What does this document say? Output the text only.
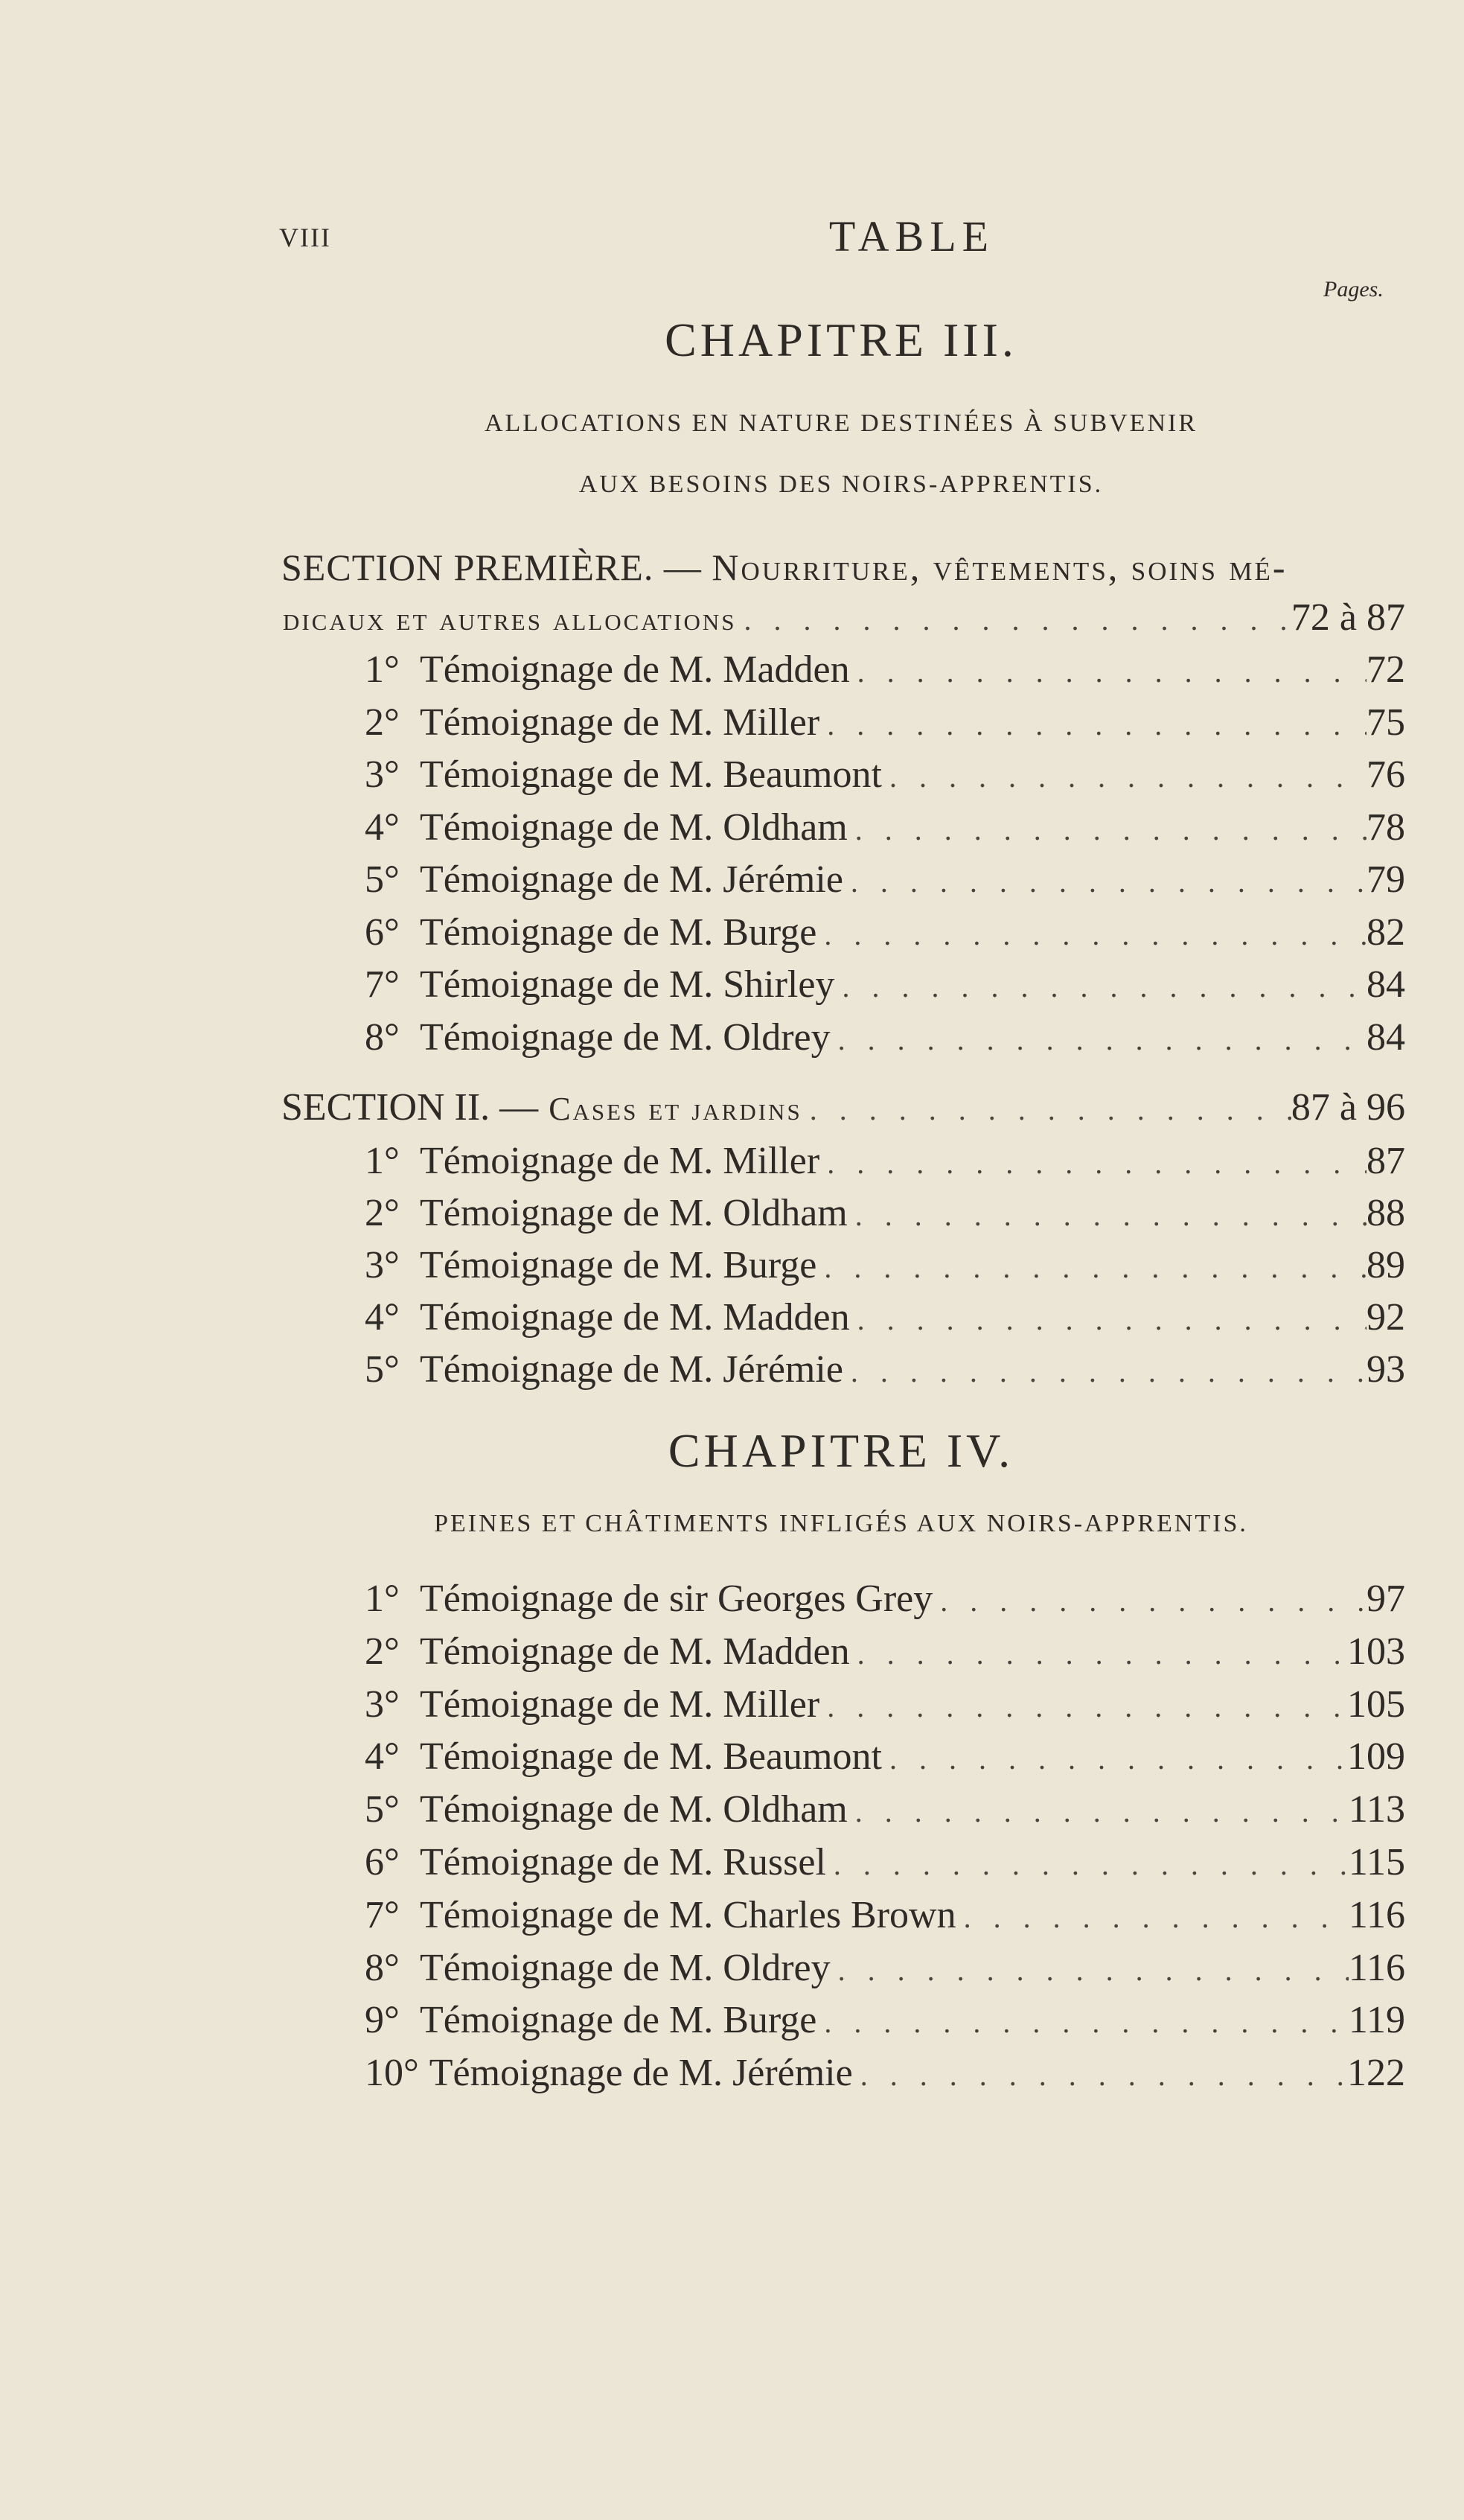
VIII	TABLE
Pages.
CHAPITRE III.
ALLOCATIONS EN NATURE DESTINÉES À SUBVENIR
AUX BESOINS DES NOIRS-APPRENTIS.
SECTION PREMIÈRE. — Nourriture, vêtements, soins mé-
dicaux et autres allocations . . .	72 à 87
1° Témoignage de M. Madden . . .	72
2° Témoignage de M. Miller . . .	75
3° Témoignage de M. Beaumont . . .	76
4° Témoignage de M. Oldham . . .	78
5° Témoignage de M. Jérémie . . .	79
6° Témoignage de M. Burge . . .	82
7° Témoignage de M. Shirley . . .	84
8° Témoignage de M. Oldrey . . .	84
SECTION II. — Cases et jardins . . .	87 à 96
1° Témoignage de M. Miller . . .	87
2° Témoignage de M. Oldham . . .	88
3° Témoignage de M. Burge . . .	89
4° Témoignage de M. Madden . . .	92
5° Témoignage de M. Jérémie . . .	93
CHAPITRE IV.
PEINES ET CHÂTIMENTS INFLIGÉS AUX NOIRS-APPRENTIS.
1° Témoignage de sir Georges Grey . . .	97
2° Témoignage de M. Madden . . .	103
3° Témoignage de M. Miller . . .	105
4° Témoignage de M. Beaumont . . .	109
5° Témoignage de M. Oldham . . .	113
6° Témoignage de M. Russel . . .	115
7° Témoignage de M. Charles Brown . . .	116
8° Témoignage de M. Oldrey . . .	116
9° Témoignage de M. Burge . . .	119
10° Témoignage de M. Jérémie . . .	122
